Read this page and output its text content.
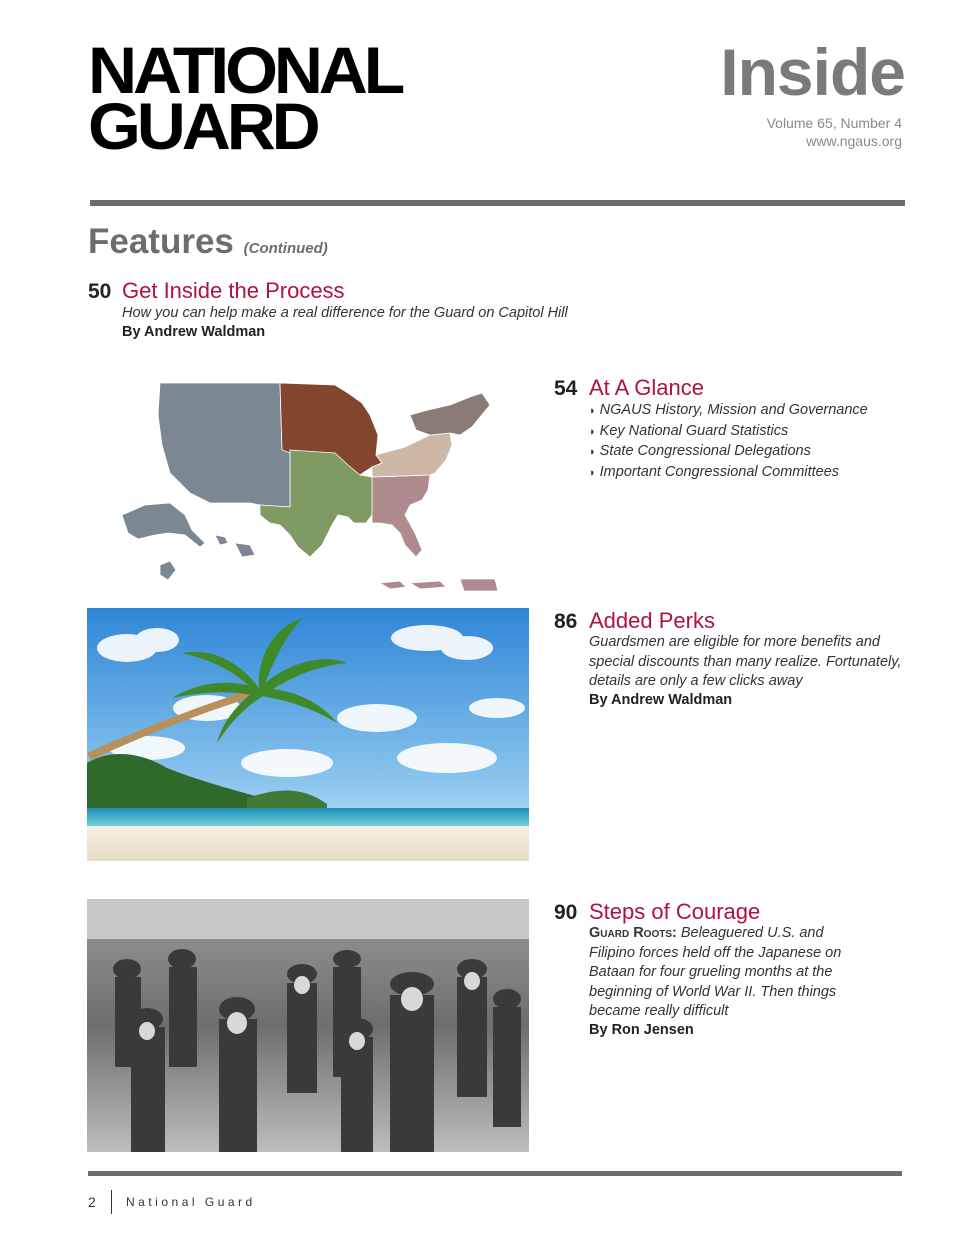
NATIONAL
GUARD
Inside
Volume 65, Number 4
www.ngaus.org
Features (Continued)
50 Get Inside the Process
How you can help make a real difference for the Guard on Capitol Hill
By Andrew Waldman
54 At A Glance
◗ NGAUS History, Mission and Governance
◗ Key National Guard Statistics
◗ State Congressional Delegations
◗ Important Congressional Committees
86 Added Perks
Guardsmen are eligible for more benefits and
special discounts than many realize. Fortunately,
details are only a few clicks away
By Andrew Waldman
90 Steps of Courage
Guard Roots: Beleaguered U.S. and
Filipino forces held off the Japanese on
Bataan for four grueling months at the
beginning of World War II. Then things
became really difficult
By Ron Jensen
2	National Guard
